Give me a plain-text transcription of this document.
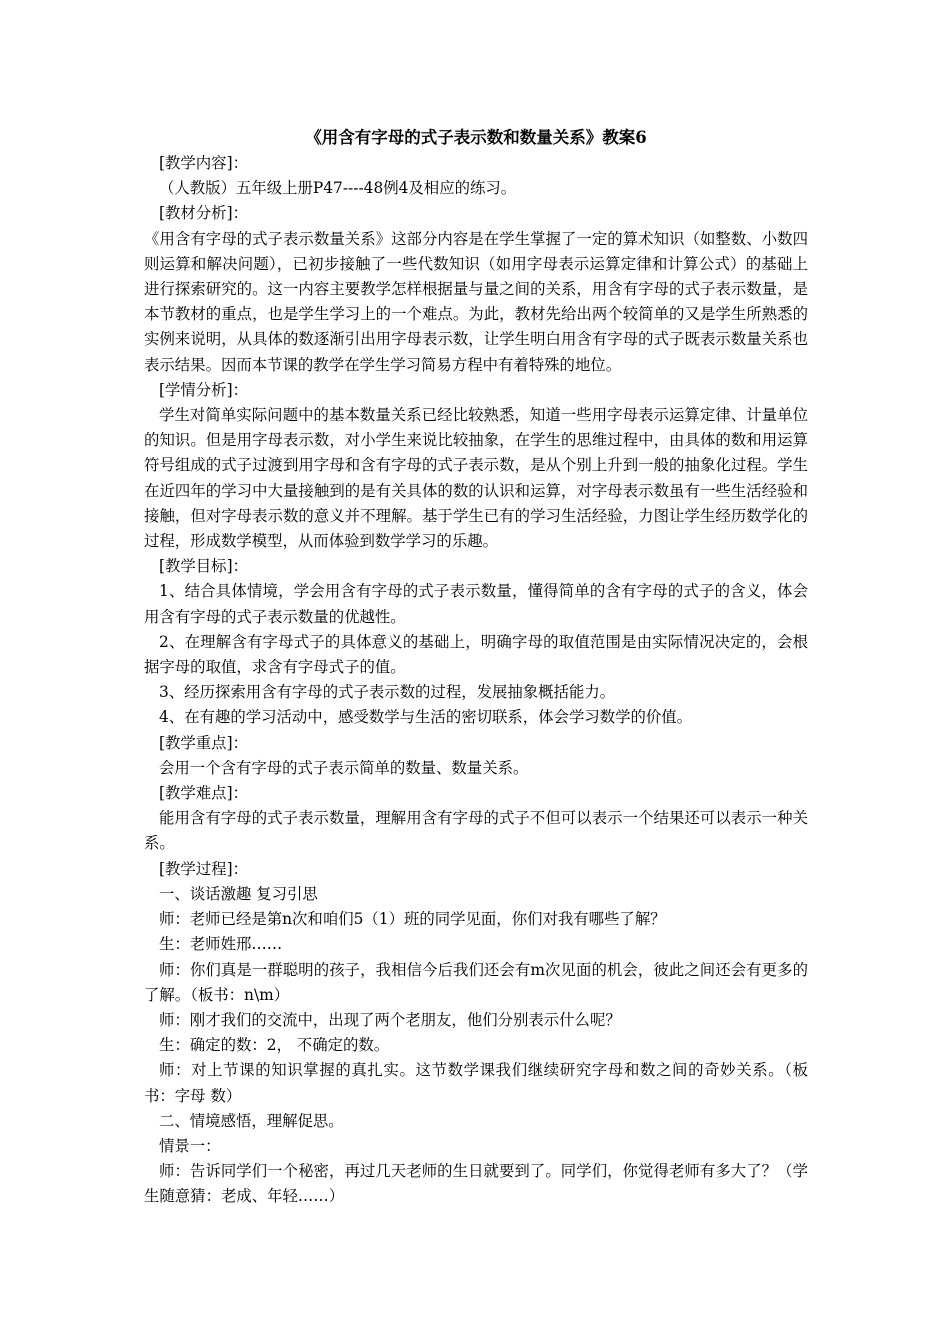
《用含有字母的式子表示数和数量关系》教案6

[教学内容]：

（人教版）五年级上册P47----48例4及相应的练习。

[教材分析]：

《用含有字母的式子表示数量关系》这部分内容是在学生掌握了一定的算术知识（如整数、小数四则运算和解决问题），已初步接触了一些代数知识（如用字母表示运算定律和计算公式）的基础上进行探索研究的。这一内容主要教学怎样根据量与量之间的关系，用含有字母的式子表示数量，是本节教材的重点，也是学生学习上的一个难点。为此，教材先给出两个较简单的又是学生所熟悉的实例来说明，从具体的数逐渐引出用字母表示数，让学生明白用含有字母的式子既表示数量关系也表示结果。因而本节课的教学在学生学习简易方程中有着特殊的地位。

[学情分析]：

学生对简单实际问题中的基本数量关系已经比较熟悉，知道一些用字母表示运算定律、计量单位的知识。但是用字母表示数，对小学生来说比较抽象，在学生的思维过程中，由具体的数和用运算符号组成的式子过渡到用字母和含有字母的式子表示数，是从个别上升到一般的抽象化过程。学生在近四年的学习中大量接触到的是有关具体的数的认识和运算，对字母表示数虽有一些生活经验和接触，但对字母表示数的意义并不理解。基于学生已有的学习生活经验，力图让学生经历数学化的过程，形成数学模型，从而体验到数学学习的乐趣。

[教学目标]：

1、结合具体情境，学会用含有字母的式子表示数量，懂得简单的含有字母的式子的含义，体会用含有字母的式子表示数量的优越性。

2、在理解含有字母式子的具体意义的基础上，明确字母的取值范围是由实际情况决定的，会根据字母的取值，求含有字母式子的值。

3、经历探索用含有字母的式子表示数的过程，发展抽象概括能力。

4、在有趣的学习活动中，感受数学与生活的密切联系，体会学习数学的价值。

[教学重点]：

会用一个含有字母的式子表示简单的数量、数量关系。

[教学难点]：

能用含有字母的式子表示数量，理解用含有字母的式子不但可以表示一个结果还可以表示一种关系。

[教学过程]：

一、谈话激趣 复习引思

师：老师已经是第n次和咱们5（1）班的同学见面，你们对我有哪些了解？

生：老师姓邢……

师：你们真是一群聪明的孩子，我相信今后我们还会有m次见面的机会，彼此之间还会有更多的了解。（板书：n\m）

师：刚才我们的交流中，出现了两个老朋友，他们分别表示什么呢？

生：确定的数：2， 不确定的数。

师：对上节课的知识掌握的真扎实。这节数学课我们继续研究字母和数之间的奇妙关系。（板书：字母 数）

二、情境感悟，理解促思。

情景一：

师：告诉同学们一个秘密，再过几天老师的生日就要到了。同学们，你觉得老师有多大了？（学生随意猜：老成、年轻……）
